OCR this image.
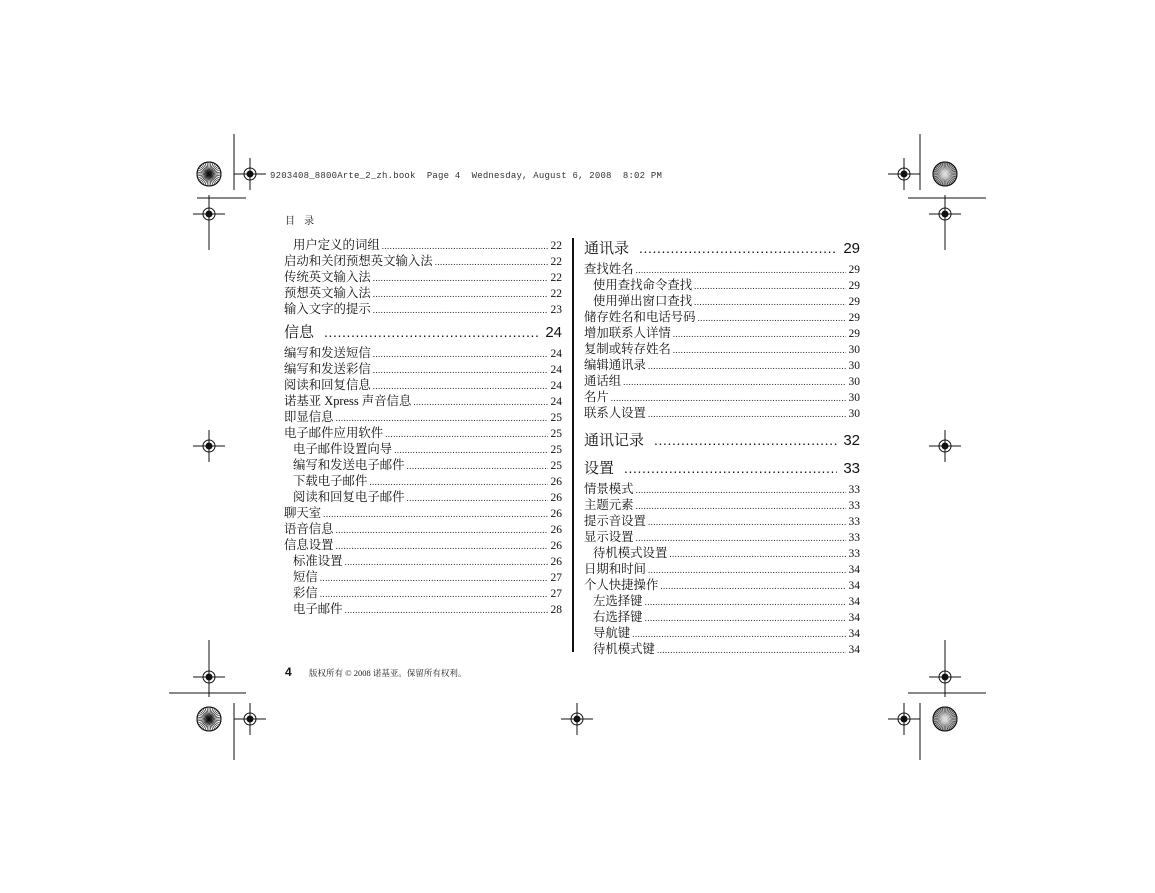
9203408_8800Arte_2_zh.book  Page 4  Wednesday, August 6, 2008  8:02 PM
目 录
用户定义的词组 .....	22
启动和关闭预想英文输入法 .....	22
传统英文输入法 .....	22
预想英文输入法 .....	22
输入文字的提示 .....	23
信息 .....	24
编写和发送短信 .....	24
编写和发送彩信 .....	24
阅读和回复信息 .....	24
诺基亚 Xpress 声音信息 .....	24
即显信息 .....	25
电子邮件应用软件 .....	25
电子邮件设置向导 .....	25
编写和发送电子邮件 .....	25
下载电子邮件 .....	26
阅读和回复电子邮件 .....	26
聊天室 .....	26
语音信息 .....	26
信息设置 .....	26
标准设置 .....	26
短信 .....	27
彩信 .....	27
电子邮件 .....	28
通讯录 .....	29
查找姓名 .....	29
使用查找命令查找 .....	29
使用弹出窗口查找 .....	29
储存姓名和电话号码 .....	29
增加联系人详情 .....	29
复制或转存姓名 .....	30
编辑通讯录 .....	30
通话组 .....	30
名片 .....	30
联系人设置 .....	30
通讯记录 .....	32
设置 .....	33
情景模式 .....	33
主题元素 .....	33
提示音设置 .....	33
显示设置 .....	33
待机模式设置 .....	33
日期和时间 .....	34
个人快捷操作 .....	34
左选择键 .....	34
右选择键 .....	34
导航键 .....	34
待机模式键 .....	34
4 版权所有 © 2008 诺基亚。保留所有权利。
